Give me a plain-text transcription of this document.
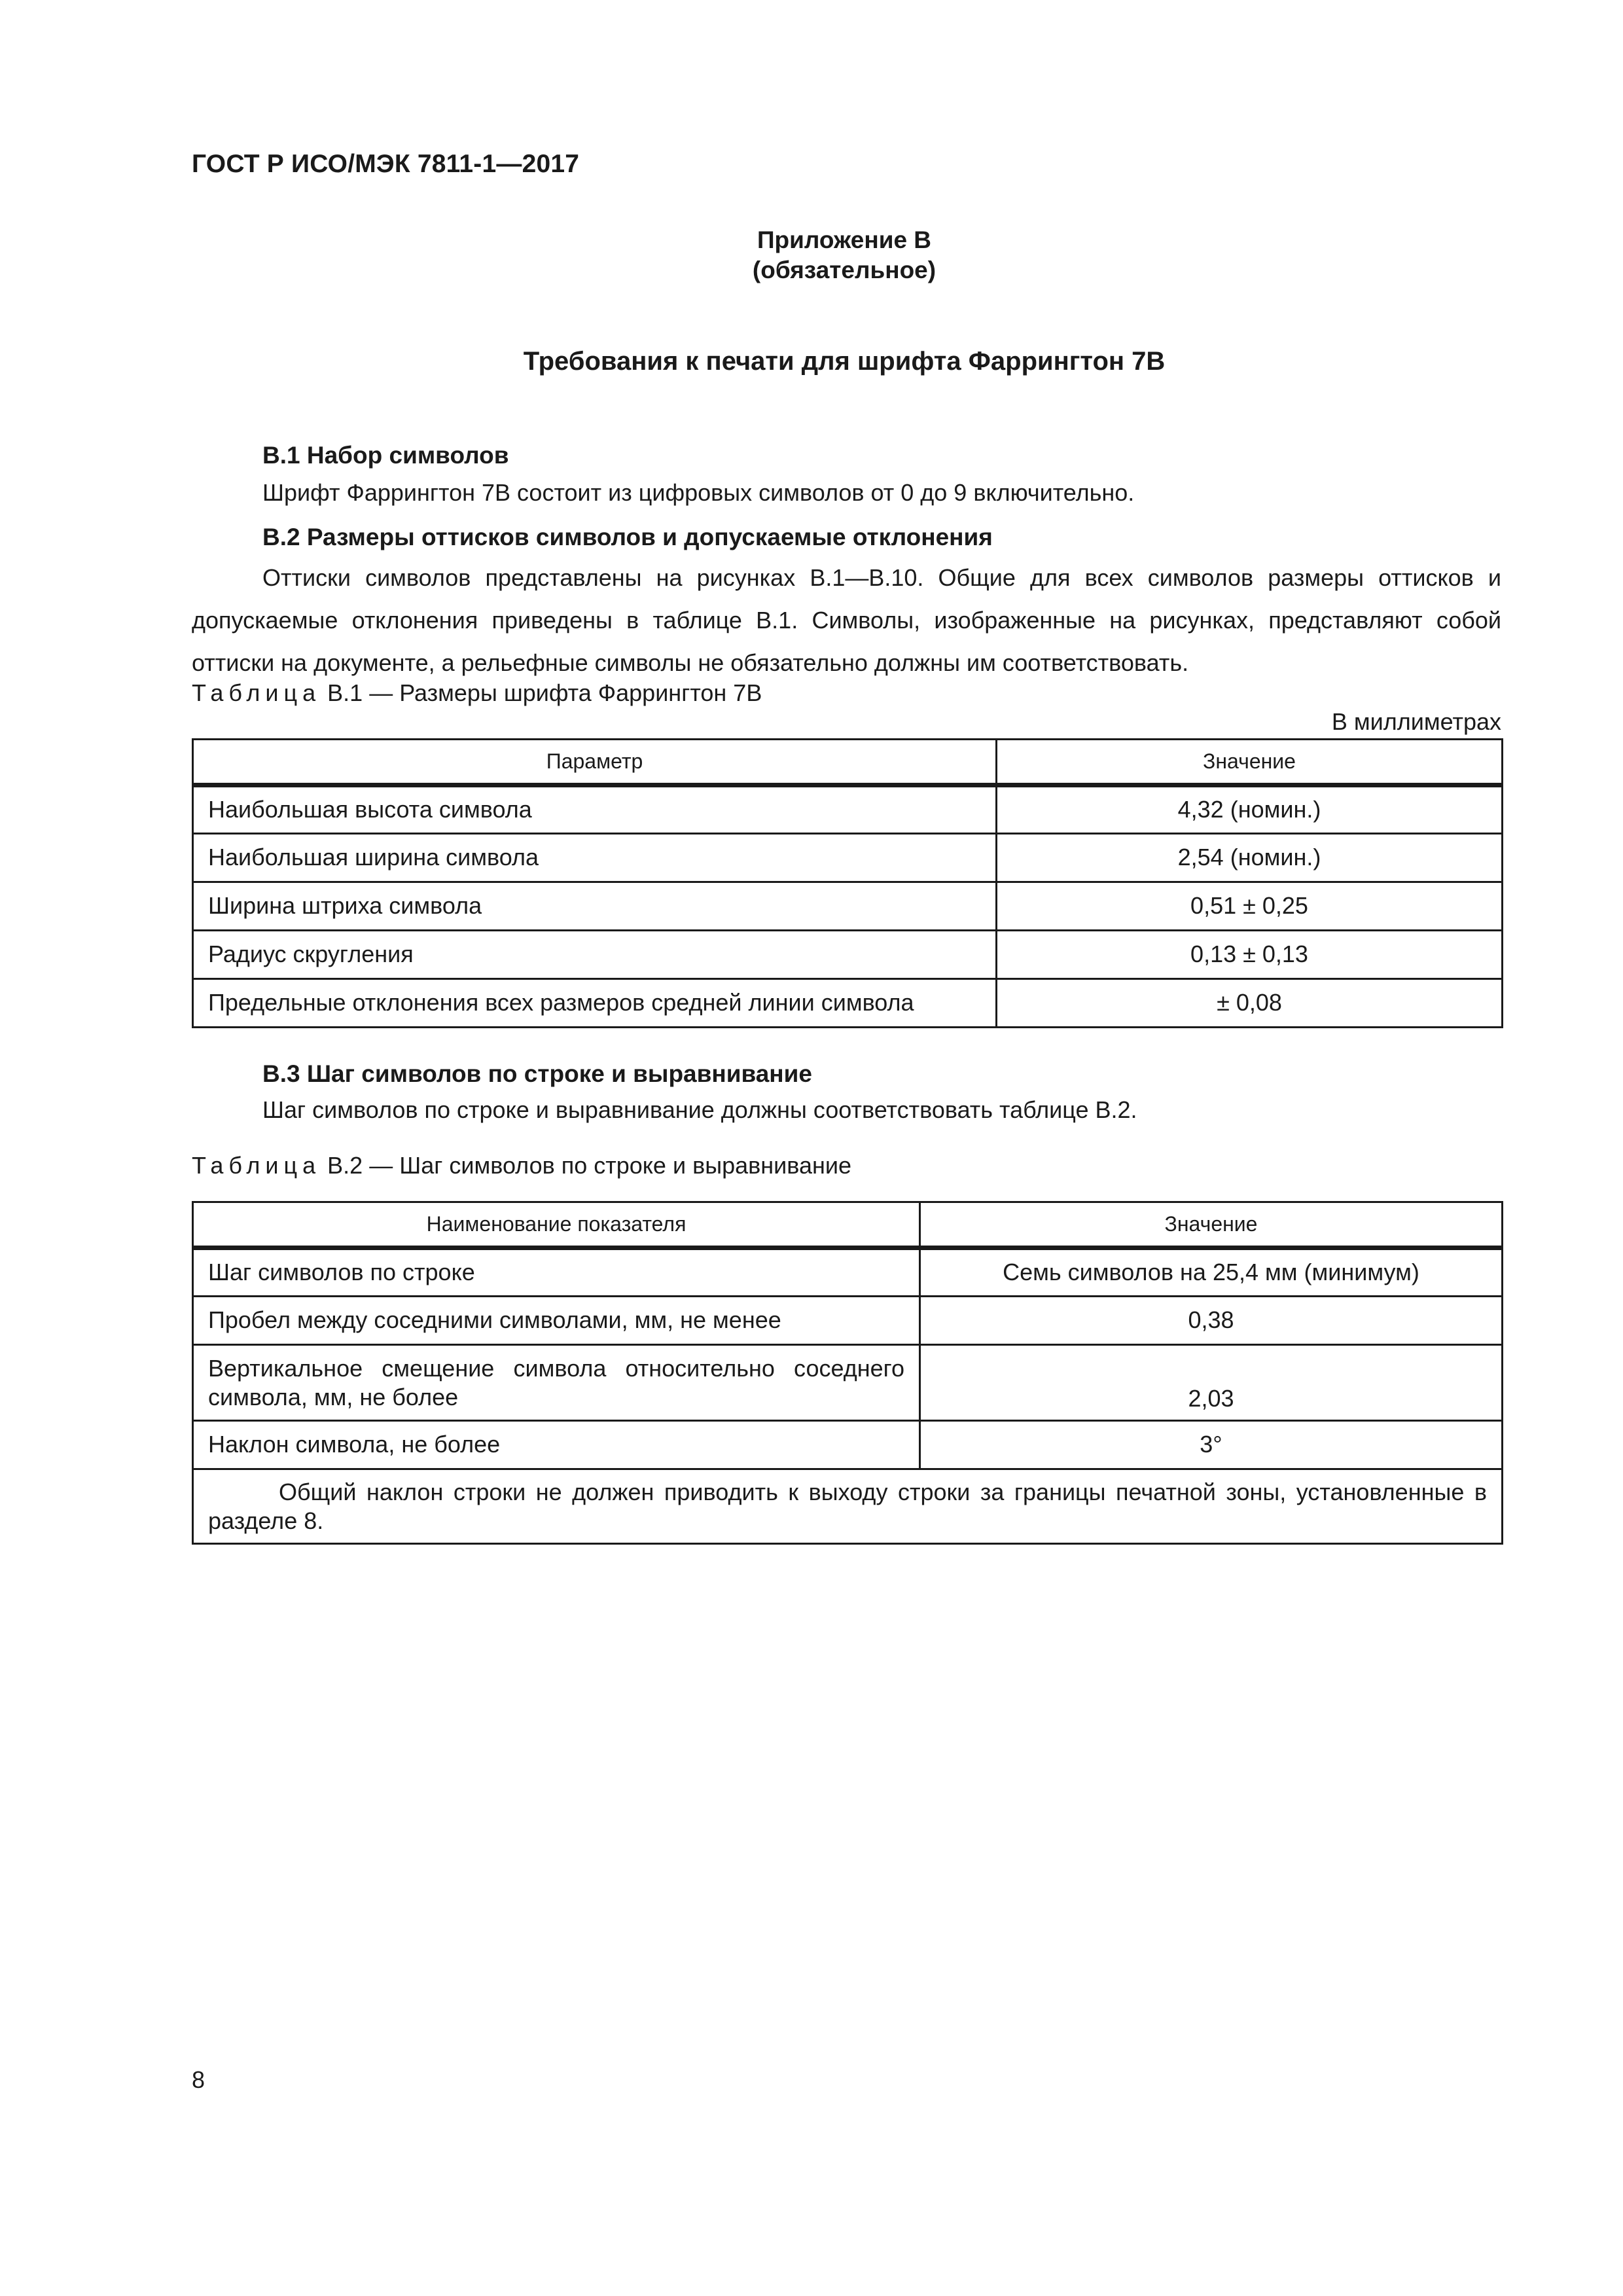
ГОСТ Р ИСО/МЭК 7811-1—2017
Приложение В
(обязательное)
Требования к печати для шрифта Фаррингтон 7В
В.1 Набор символов
Шрифт Фаррингтон 7В состоит из цифровых символов от 0 до 9 включительно.
В.2 Размеры оттисков символов и допускаемые отклонения

Оттиски символов представлены на рисунках В.1—В.10. Общие для всех символов размеры оттисков и допускаемые отклонения приведены в таблице В.1. Символы, изображенные на рисунках, представляют собой оттиски на документе, а рельефные символы не обязательно должны им соответствовать.

Таблица В.1 — Размеры шрифта Фаррингтон 7В
В миллиметрах
Параметр	Значение
Наибольшая высота символа	4,32 (номин.)
Наибольшая ширина символа	2,54 (номин.)
Ширина штриха символа	0,51 ± 0,25
Радиус скругления	0,13 ± 0,13
Предельные отклонения всех размеров средней линии символа	± 0,08
В.3 Шаг символов по строке и выравнивание
Шаг символов по строке и выравнивание должны соответствовать таблице В.2.
Таблица В.2 — Шаг символов по строке и выравнивание
Наименование показателя	Значение
Шаг символов по строке	Семь символов на 25,4 мм (минимум)
Пробел между соседними символами, мм, не менее	0,38
Вертикальное смещение символа относительно соседнего символа, мм, не более	2,03
Наклон символа, не более	3°
Общий наклон строки не должен приводить к выходу строки за границы печатной зоны, установленные в разделе 8.	
8
